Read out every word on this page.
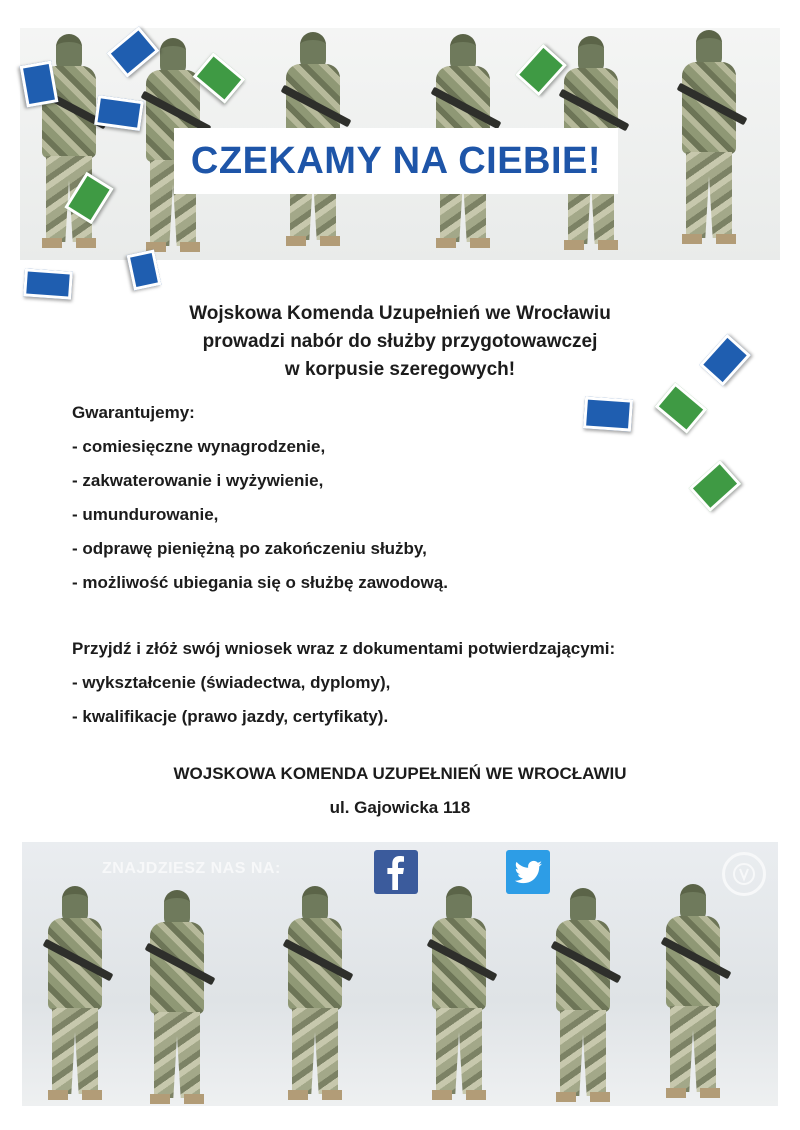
CZEKAMY NA CIEBIE!
Wojskowa Komenda Uzupełnień we Wrocławiu
prowadzi nabór do służby przygotowawczej
w korpusie szeregowych!
Gwarantujemy:
- comiesięczne wynagrodzenie,
- zakwaterowanie i wyżywienie,
- umundurowanie,
- odprawę pieniężną po zakończeniu służby,
- możliwość ubiegania się o służbę zawodową.
Przyjdź i złóż swój wniosek wraz z dokumentami potwierdzającymi:
- wykształcenie (świadectwa, dyplomy),
- kwalifikacje (prawo jazdy, certyfikaty).
WOJSKOWA KOMENDA UZUPEŁNIEŃ WE WROCŁAWIU
ul. Gajowicka 118
ZNAJDZIESZ NAS NA:
